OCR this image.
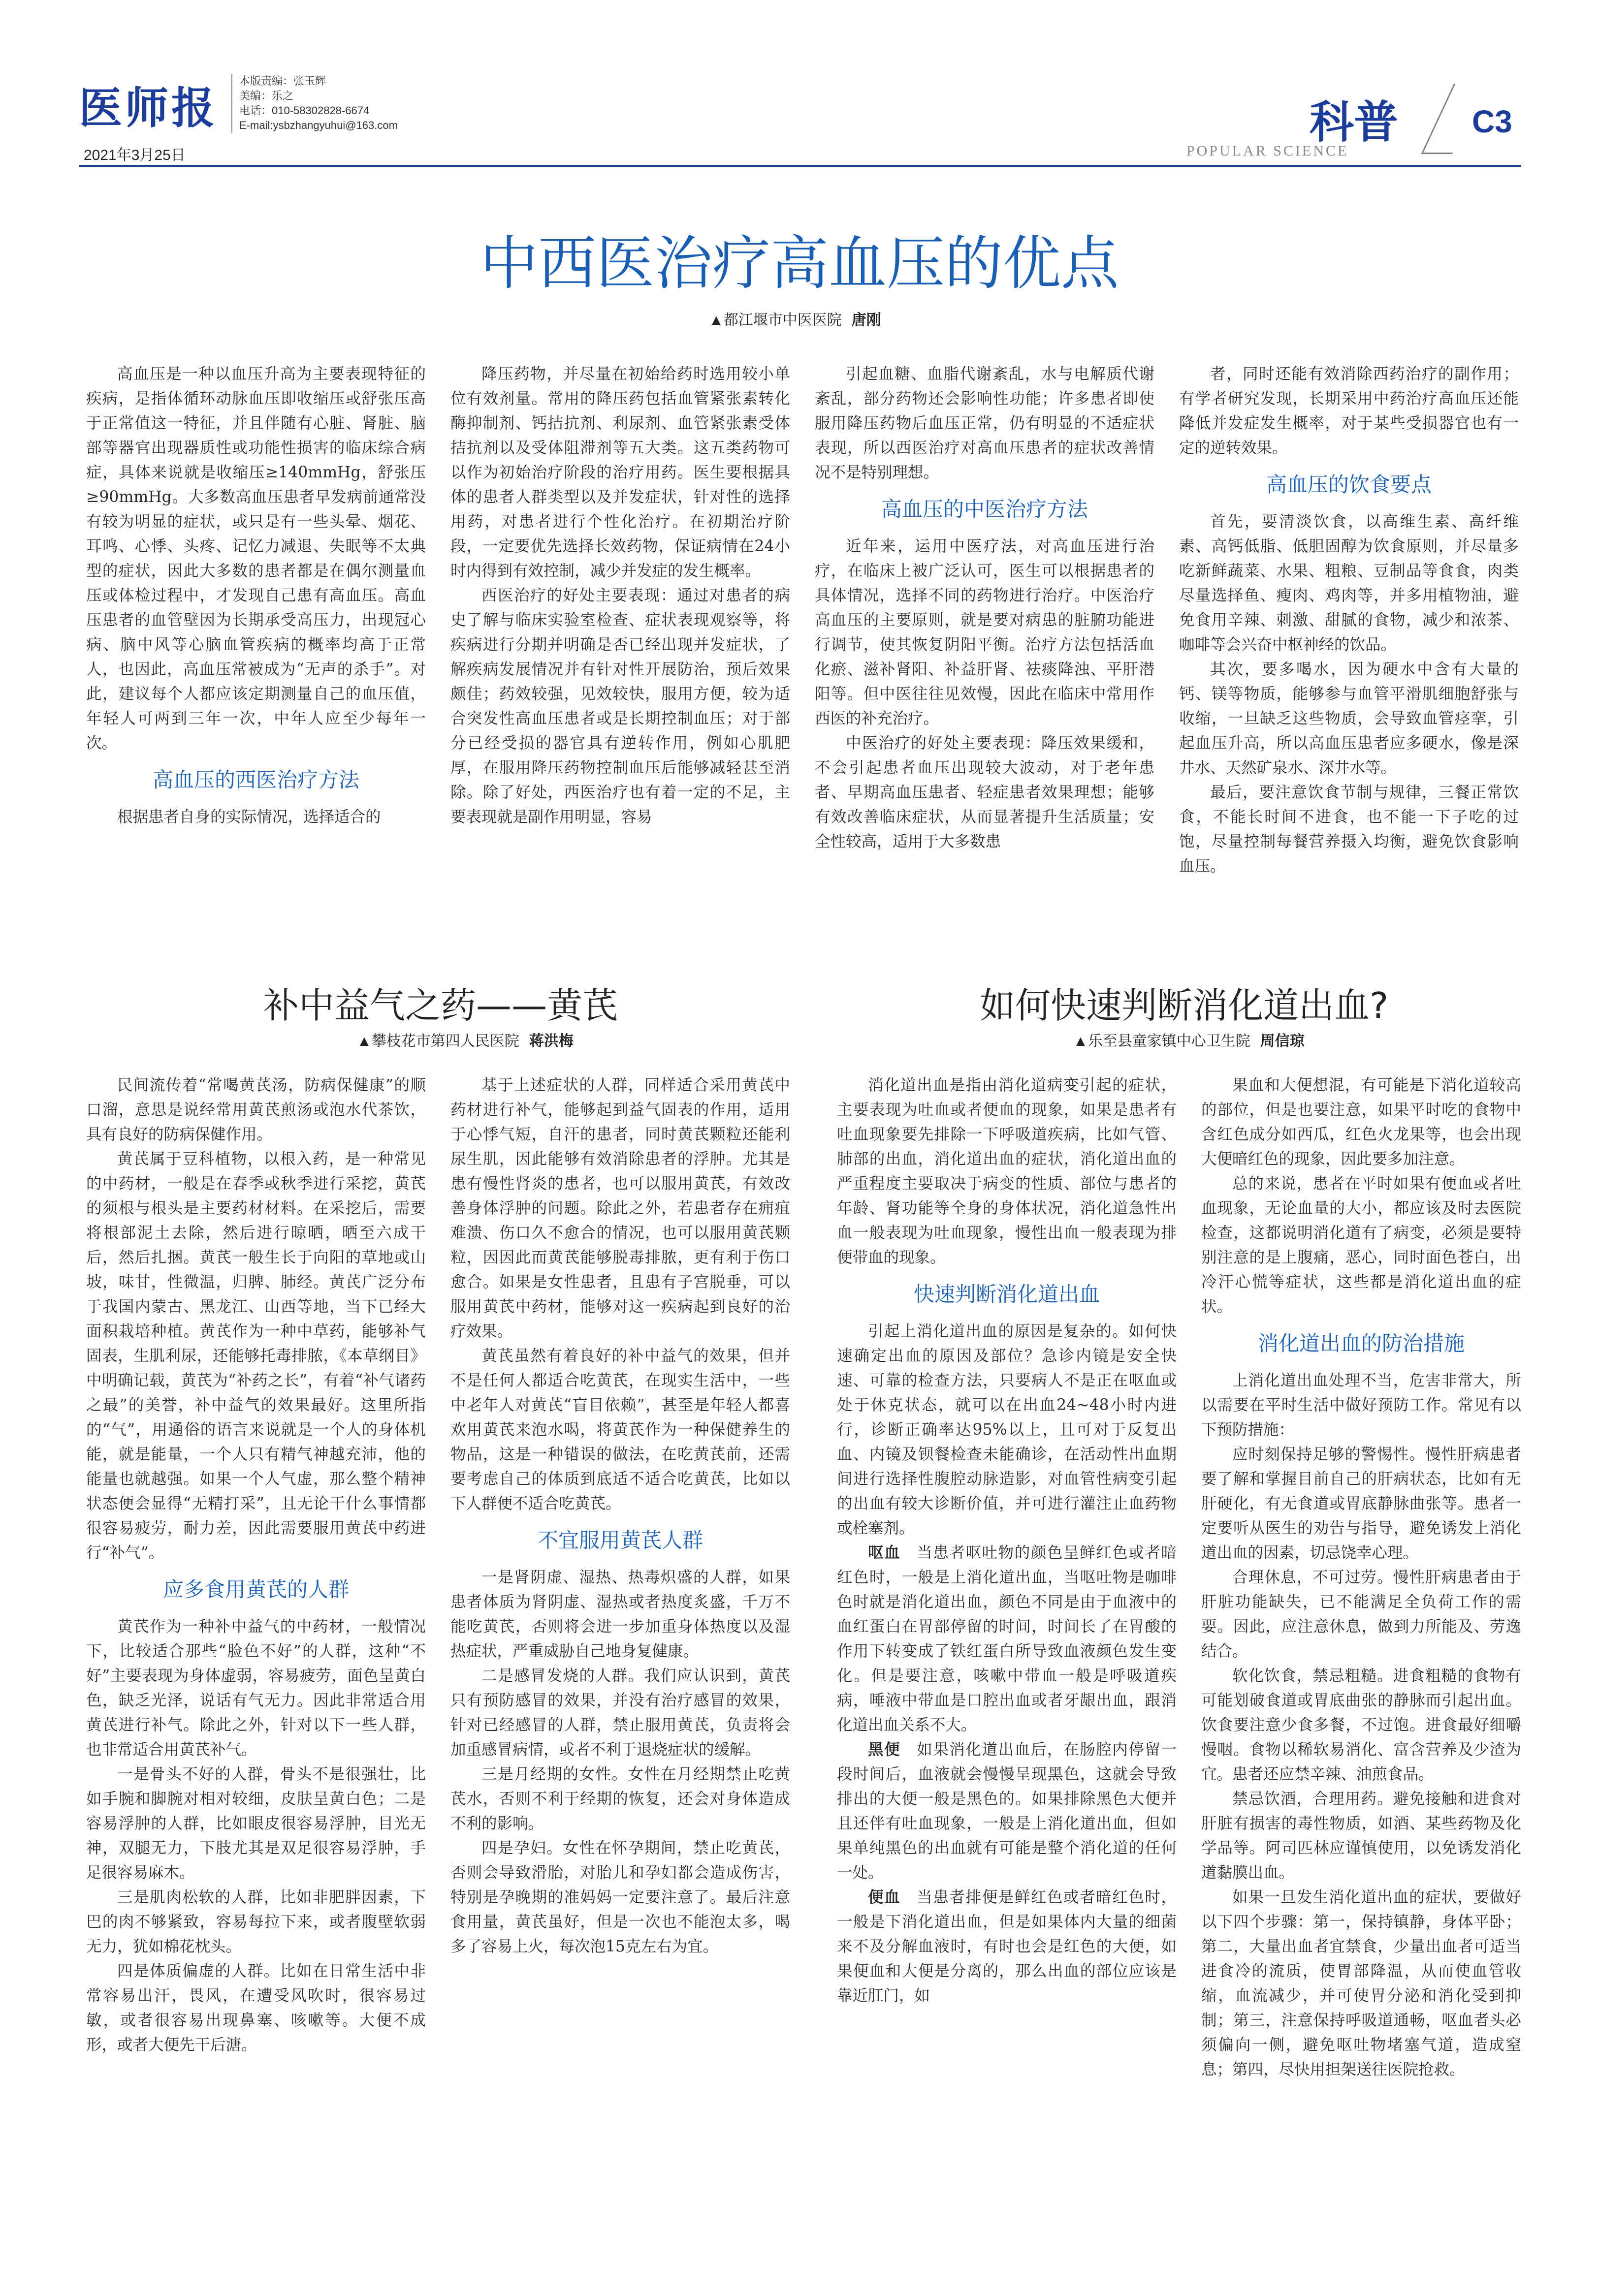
医师报
2021年3月25日
本版责编：张玉辉
美编：乐之
电话：010-58302828-6674
E-mail:ysbzhangyuhui@163.com	科普
POPULAR SCIENCE
C3
中西医治疗高血压的优点
▲都江堰市中医医院 唐刚

高血压是一种以血压升高为主要表现特征的疾病，是指体循环动脉血压即收缩压或舒张压高于正常值这一特征，并且伴随有心脏、肾脏、脑部等器官出现器质性或功能性损害的临床综合病症，具体来说就是收缩压≥140mmHg，舒张压≥90mmHg。大多数高血压患者早发病前通常没有较为明显的症状，或只是有一些头晕、烟花、耳鸣、心悸、头疼、记忆力减退、失眠等不太典型的症状，因此大多数的患者都是在偶尔测量血压或体检过程中，才发现自己患有高血压。高血压患者的血管壁因为长期承受高压力，出现冠心病、脑中风等心脑血管疾病的概率均高于正常人，也因此，高血压常被成为“无声的杀手”。对此，建议每个人都应该定期测量自己的血压值，年轻人可两到三年一次，中年人应至少每年一次。

高血压的西医治疗方法

根据患者自身的实际情况，选择适合的

降压药物，并尽量在初始给药时选用较小单位有效剂量。常用的降压药包括血管紧张素转化酶抑制剂、钙拮抗剂、利尿剂、血管紧张素受体拮抗剂以及受体阻滞剂等五大类。这五类药物可以作为初始治疗阶段的治疗用药。医生要根据具体的患者人群类型以及并发症状，针对性的选择用药，对患者进行个性化治疗。在初期治疗阶段，一定要优先选择长效药物，保证病情在24小时内得到有效控制，减少并发症的发生概率。

西医治疗的好处主要表现：通过对患者的病史了解与临床实验室检查、症状表现观察等，将疾病进行分期并明确是否已经出现并发症状，了解疾病发展情况并有针对性开展防治，预后效果颇佳；药效较强，见效较快，服用方便，较为适合突发性高血压患者或是长期控制血压；对于部分已经受损的器官具有逆转作用，例如心肌肥厚，在服用降压药物控制血压后能够减轻甚至消除。除了好处，西医治疗也有着一定的不足，主要表现就是副作用明显，容易

引起血糖、血脂代谢紊乱，水与电解质代谢紊乱，部分药物还会影响性功能；许多患者即使服用降压药物后血压正常，仍有明显的不适症状表现，所以西医治疗对高血压患者的症状改善情况不是特别理想。

高血压的中医治疗方法

近年来，运用中医疗法，对高血压进行治疗，在临床上被广泛认可，医生可以根据患者的具体情况，选择不同的药物进行治疗。中医治疗高血压的主要原则，就是要对病患的脏腑功能进行调节，使其恢复阴阳平衡。治疗方法包括活血化瘀、滋补肾阳、补益肝肾、祛痰降浊、平肝潜阳等。但中医往往见效慢，因此在临床中常用作西医的补充治疗。

中医治疗的好处主要表现：降压效果缓和，不会引起患者血压出现较大波动，对于老年患者、早期高血压患者、轻症患者效果理想；能够有效改善临床症状，从而显著提升生活质量；安全性较高，适用于大多数患

者，同时还能有效消除西药治疗的副作用；有学者研究发现，长期采用中药治疗高血压还能降低并发症发生概率，对于某些受损器官也有一定的逆转效果。

高血压的饮食要点

首先，要清淡饮食，以高维生素、高纤维素、高钙低脂、低胆固醇为饮食原则，并尽量多吃新鲜蔬菜、水果、粗粮、豆制品等食食，肉类尽量选择鱼、瘦肉、鸡肉等，并多用植物油，避免食用辛辣、刺激、甜腻的食物，减少和浓茶、咖啡等会兴奋中枢神经的饮品。

其次，要多喝水，因为硬水中含有大量的钙、镁等物质，能够参与血管平滑肌细胞舒张与收缩，一旦缺乏这些物质，会导致血管痉挛，引起血压升高，所以高血压患者应多硬水，像是深井水、天然矿泉水、深井水等。

最后，要注意饮食节制与规律，三餐正常饮食，不能长时间不进食，也不能一下子吃的过饱，尽量控制每餐营养摄入均衡，避免饮食影响血压。

补中益气之药——黄芪
▲攀枝花市第四人民医院 蒋洪梅

民间流传着“常喝黄芪汤，防病保健康”的顺口溜，意思是说经常用黄芪煎汤或泡水代茶饮，具有良好的防病保健作用。

黄芪属于豆科植物，以根入药，是一种常见的中药材，一般是在春季或秋季进行采挖，黄芪的须根与根头是主要药材材料。在采挖后，需要将根部泥土去除，然后进行晾晒，晒至六成干后，然后扎捆。黄芪一般生长于向阳的草地或山坡，味甘，性微温，归脾、肺经。黄芪广泛分布于我国内蒙古、黑龙江、山西等地，当下已经大面积栽培种植。黄芪作为一种中草药，能够补气固表，生肌利尿，还能够托毒排脓，《本草纲目》中明确记载，黄芪为“补药之长”，有着“补气诸药之最”的美誉，补中益气的效果最好。这里所指的“气”，用通俗的语言来说就是一个人的身体机能，就是能量，一个人只有精气神越充沛，他的能量也就越强。如果一个人气虚，那么整个精神状态便会显得“无精打采”，且无论干什么事情都很容易疲劳，耐力差，因此需要服用黄芪中药进行“补气”。

应多食用黄芪的人群

黄芪作为一种补中益气的中药材，一般情况下，比较适合那些“脸色不好”的人群，这种“不好”主要表现为身体虚弱，容易疲劳，面色呈黄白色，缺乏光泽，说话有气无力。因此非常适合用黄芪进行补气。除此之外，针对以下一些人群，也非常适合用黄芪补气。

一是骨头不好的人群，骨头不是很强壮，比如手腕和脚腕对相对较细，皮肤呈黄白色；二是容易浮肿的人群，比如眼皮很容易浮肿，目光无神，双腿无力，下肢尤其是双足很容易浮肿，手足很容易麻木。

三是肌肉松软的人群，比如非肥胖因素，下巴的肉不够紧致，容易每拉下来，或者腹壁软弱无力，犹如棉花枕头。

四是体质偏虚的人群。比如在日常生活中非常容易出汗，畏风，在遭受风吹时，很容易过敏，或者很容易出现鼻塞、咳嗽等。大便不成形，或者大便先干后溏。

基于上述症状的人群，同样适合采用黄芪中药材进行补气，能够起到益气固表的作用，适用于心悸气短，自汗的患者，同时黄芪颗粒还能利尿生肌，因此能够有效消除患者的浮肿。尤其是患有慢性肾炎的患者，也可以服用黄芪，有效改善身体浮肿的问题。除此之外，若患者存在痈疽难溃、伤口久不愈合的情况，也可以服用黄芪颗粒，因因此而黄芪能够脱毒排脓，更有利于伤口愈合。如果是女性患者，且患有子宫脱垂，可以服用黄芪中药材，能够对这一疾病起到良好的治疗效果。

黄芪虽然有着良好的补中益气的效果，但并不是任何人都适合吃黄芪，在现实生活中，一些中老年人对黄芪“盲目依赖”，甚至是年轻人都喜欢用黄芪来泡水喝，将黄芪作为一种保健养生的物品，这是一种错误的做法，在吃黄芪前，还需要考虑自己的体质到底适不适合吃黄芪，比如以下人群便不适合吃黄芪。

不宜服用黄芪人群

一是肾阴虚、湿热、热毒炽盛的人群，如果患者体质为肾阴虚、湿热或者热度炙盛，千万不能吃黄芪，否则将会进一步加重身体热度以及湿热症状，严重威胁自己地身复健康。

二是感冒发烧的人群。我们应认识到，黄芪只有预防感冒的效果，并没有治疗感冒的效果，针对已经感冒的人群，禁止服用黄芪，负责将会加重感冒病情，或者不利于退烧症状的缓解。

三是月经期的女性。女性在月经期禁止吃黄芪水，否则不利于经期的恢复，还会对身体造成不利的影响。

四是孕妇。女性在怀孕期间，禁止吃黄芪，否则会导致滑胎，对胎儿和孕妇都会造成伤害，特别是孕晚期的准妈妈一定要注意了。最后注意食用量，黄芪虽好，但是一次也不能泡太多，喝多了容易上火，每次泡15克左右为宜。

如何快速判断消化道出血?
▲乐至县童家镇中心卫生院 周信琼

消化道出血是指由消化道病变引起的症状，主要表现为吐血或者便血的现象，如果是患者有吐血现象要先排除一下呼吸道疾病，比如气管、肺部的出血，消化道出血的症状，消化道出血的严重程度主要取决于病变的性质、部位与患者的年龄、肾功能等全身的身体状况，消化道急性出血一般表现为吐血现象，慢性出血一般表现为排便带血的现象。

快速判断消化道出血

引起上消化道出血的原因是复杂的。如何快速确定出血的原因及部位？急诊内镜是安全快速、可靠的检查方法，只要病人不是正在呕血或处于休克状态，就可以在出血24~48小时内进行，诊断正确率达95%以上，且可对于反复出血、内镜及钡餐检查未能确诊，在活动性出血期间进行选择性腹腔动脉造影，对血管性病变引起的出血有较大诊断价值，并可进行灌注止血药物或栓塞剂。

呕血　 当患者呕吐物的颜色呈鲜红色或者暗红色时，一般是上消化道出血，当呕吐物是咖啡色时就是消化道出血，颜色不同是由于血液中的血红蛋白在胃部停留的时间，时间长了在胃酸的作用下转变成了铁红蛋白所导致血液颜色发生变化。但是要注意，咳嗽中带血一般是呼吸道疾病，唾液中带血是口腔出血或者牙龈出血，跟消化道出血关系不大。

黑便　 如果消化道出血后，在肠腔内停留一段时间后，血液就会慢慢呈现黑色，这就会导致排出的大便一般是黑色的。如果排除黑色大便并且还伴有吐血现象，一般是上消化道出血，但如果单纯黑色的出血就有可能是整个消化道的任何一处。

便血　 当患者排便是鲜红色或者暗红色时，一般是下消化道出血，但是如果体内大量的细菌来不及分解血液时，有时也会是红色的大便，如果便血和大便是分离的，那么出血的部位应该是靠近肛门，如

果血和大便想混，有可能是下消化道较高的部位，但是也要注意，如果平时吃的食物中含红色成分如西瓜，红色火龙果等，也会出现大便暗红色的现象，因此要多加注意。

总的来说，患者在平时如果有便血或者吐血现象，无论血量的大小，都应该及时去医院检查，这都说明消化道有了病变，必须是要特别注意的是上腹痛，恶心，同时面色苍白，出冷汗心慌等症状，这些都是消化道出血的症状。

消化道出血的防治措施

上消化道出血处理不当，危害非常大，所以需要在平时生活中做好预防工作。常见有以下预防措施：

应时刻保持足够的警惕性。慢性肝病患者要了解和掌握目前自己的肝病状态，比如有无肝硬化，有无食道或胃底静脉曲张等。患者一定要听从医生的劝告与指导，避免诱发上消化道出血的因素，切忌饶幸心理。

合理休息，不可过劳。慢性肝病患者由于肝脏功能缺失，已不能满足全负荷工作的需要。因此，应注意休息，做到力所能及、劳逸结合。

软化饮食，禁忌粗糙。进食粗糙的食物有可能划破食道或胃底曲张的静脉而引起出血。饮食要注意少食多餐，不过饱。进食最好细嚼慢咽。食物以稀软易消化、富含营养及少渣为宜。患者还应禁辛辣、油煎食品。

禁忌饮酒，合理用药。避免接触和进食对肝脏有损害的毒性物质，如酒、某些药物及化学品等。阿司匹林应谨慎使用，以免诱发消化道黏膜出血。

如果一旦发生消化道出血的症状，要做好以下四个步骤：第一，保持镇静，身体平卧；第二，大量出血者宜禁食，少量出血者可适当进食冷的流质，使胃部降温，从而使血管收缩，血流减少，并可使胃分泌和消化受到抑制；第三，注意保持呼吸道通畅，呕血者头必须偏向一侧，避免呕吐物堵塞气道，造成窒息；第四，尽快用担架送往医院抢救。
